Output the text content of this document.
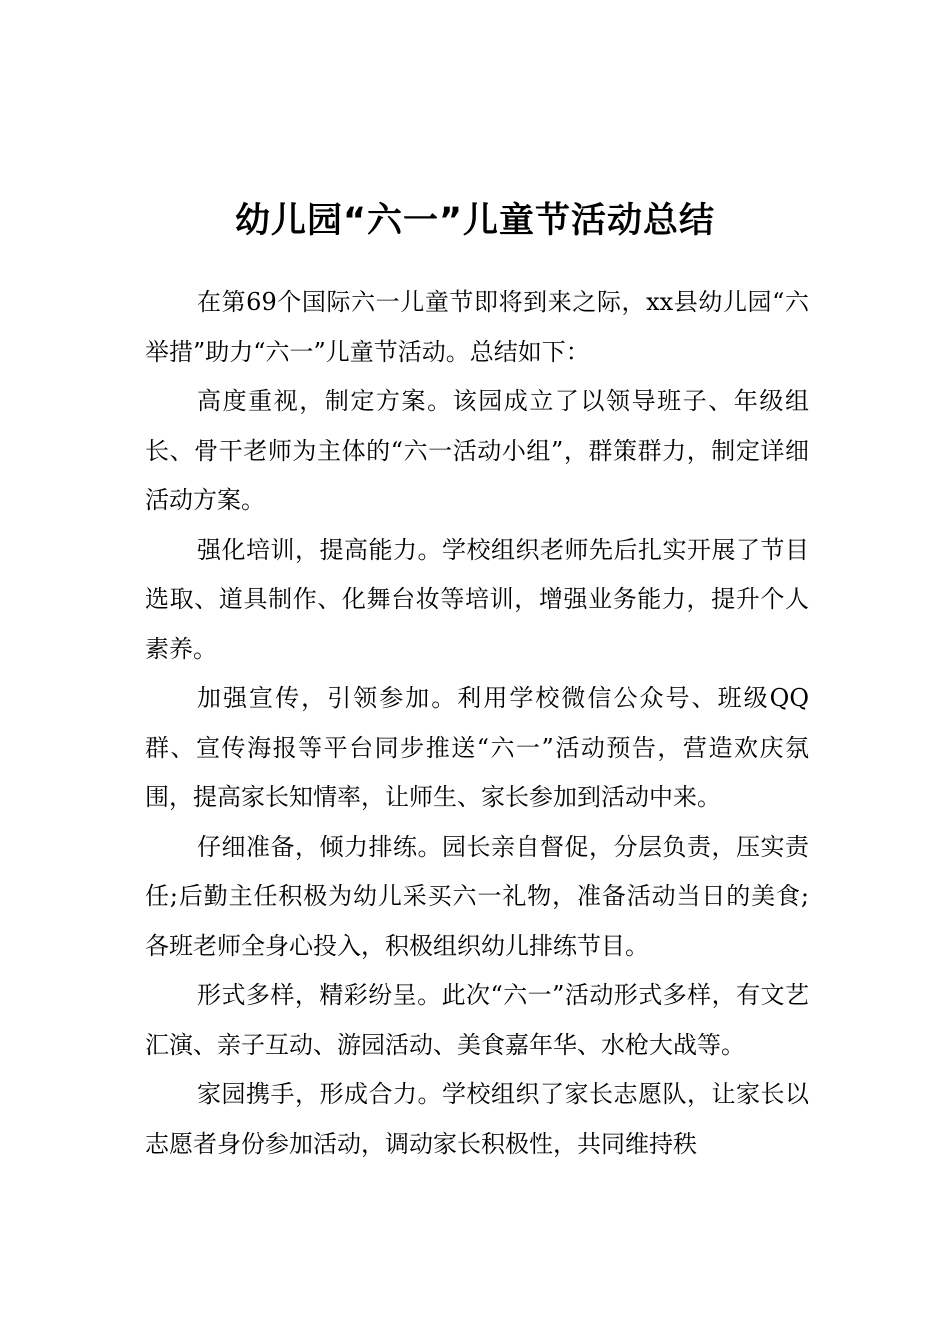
幼儿园“六一”儿童节活动总结

在第69个国际六一儿童节即将到来之际，xx县幼儿园“六举措”助力“六一”儿童节活动。总结如下：

高度重视，制定方案。该园成立了以领导班子、年级组长、骨干老师为主体的“六一活动小组”，群策群力，制定详细活动方案。

强化培训，提高能力。学校组织老师先后扎实开展了节目选取、道具制作、化舞台妆等培训，增强业务能力，提升个人素养。

加强宣传，引领参加。利用学校微信公众号、班级QQ群、宣传海报等平台同步推送“六一”活动预告，营造欢庆氛围，提高家长知情率，让师生、家长参加到活动中来。

仔细准备，倾力排练。园长亲自督促，分层负责，压实责任;后勤主任积极为幼儿采买六一礼物，准备活动当日的美食;各班老师全身心投入，积极组织幼儿排练节目。

形式多样，精彩纷呈。此次“六一”活动形式多样，有文艺汇演、亲子互动、游园活动、美食嘉年华、水枪大战等。

家园携手，形成合力。学校组织了家长志愿队，让家长以志愿者身份参加活动，调动家长积极性，共同维持秩
